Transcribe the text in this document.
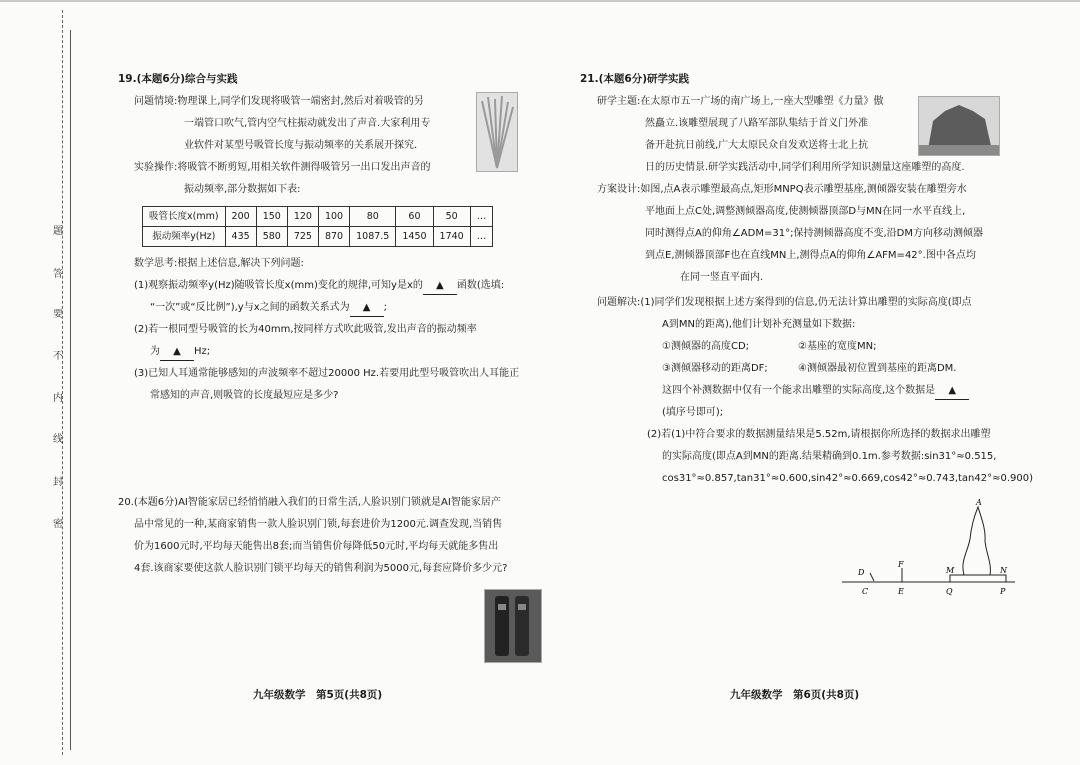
题
答
要
不
内
线
封
密
19.(本题6分)综合与实践
问题情境:物理课上,同学们发现将吸管一端密封,然后对着吸管的另
一端管口吹气,管内空气柱振动就发出了声音.大家利用专
业软件对某型号吸管长度与振动频率的关系展开探究.
实验操作:将吸管不断剪短,用相关软件测得吸管另一出口发出声音的
振动频率,部分数据如下表:
吸管长度x(mm)	200	150	120	100	80	60	50	…
振动频率y(Hz)	435	580	725	870	1087.5	1450	1740	…
数学思考:根据上述信息,解决下列问题:
(1)观察振动频率y(Hz)随吸管长度x(mm)变化的规律,可知y是x的 ▲ 函数(选填:
“一次”或“反比例”),y与x之间的函数关系式为 ▲ ;
(2)若一根同型号吸管的长为40mm,按同样方式吹此吸管,发出声音的振动频率
为 ▲ Hz;
(3)已知人耳通常能够感知的声波频率不超过20000 Hz.若要用此型号吸管吹出人耳能正
常感知的声音,则吸管的长度最短应是多少?
20.(本题6分)AI智能家居已经悄悄融入我们的日常生活,人脸识别门锁就是AI智能家居产
品中常见的一种,某商家销售一款人脸识别门锁,每套进价为1200元.调查发现,当销售
价为1600元时,平均每天能售出8套;而当销售价每降低50元时,平均每天就能多售出
4套.该商家要使这款人脸识别门锁平均每天的销售利润为5000元,每套应降价多少元?
九年级数学　第5页(共8页)
21.(本题6分)研学实践
研学主题:在太原市五一广场的南广场上,一座大型雕塑《力量》傲
然矗立.该雕塑展现了八路军部队集结于首义门外准
备开赴抗日前线,广大太原民众自发欢送将士北上抗
日的历史情景.研学实践活动中,同学们利用所学知识测量这座雕塑的高度.
方案设计:如图,点A表示雕塑最高点,矩形MNPQ表示雕塑基座,测倾器安装在雕塑旁水
平地面上点C处,调整测倾器高度,使测倾器顶部D与MN在同一水平直线上,
同时测得点A的仰角∠ADM=31°;保持测倾器高度不变,沿DM方向移动测倾器
到点E,测倾器顶部F也在直线MN上,测得点A的仰角∠AFM=42°.图中各点均
在同一竖直平面内.
问题解决:(1)同学们发现根据上述方案得到的信息,仍无法计算出雕塑的实际高度(即点
A到MN的距离),他们计划补充测量如下数据:
①测倾器的高度CD;	②基座的宽度MN;
③测倾器移动的距离DF;	④测倾器最初位置到基座的距离DM.
这四个补测数据中仅有一个能求出雕塑的实际高度,这个数据是 ▲
(填序号即可);
(2)若(1)中符合要求的数据测量结果是5.52m,请根据你所选择的数据求出雕塑
的实际高度(即点A到MN的距离.结果精确到0.1m.参考数据:sin31°≈0.515,
cos31°≈0.857,tan31°≈0.600,sin42°≈0.669,cos42°≈0.743,tan42°≈0.900)
A
D
F
M	N
C	E	Q	P
九年级数学　第6页(共8页)
